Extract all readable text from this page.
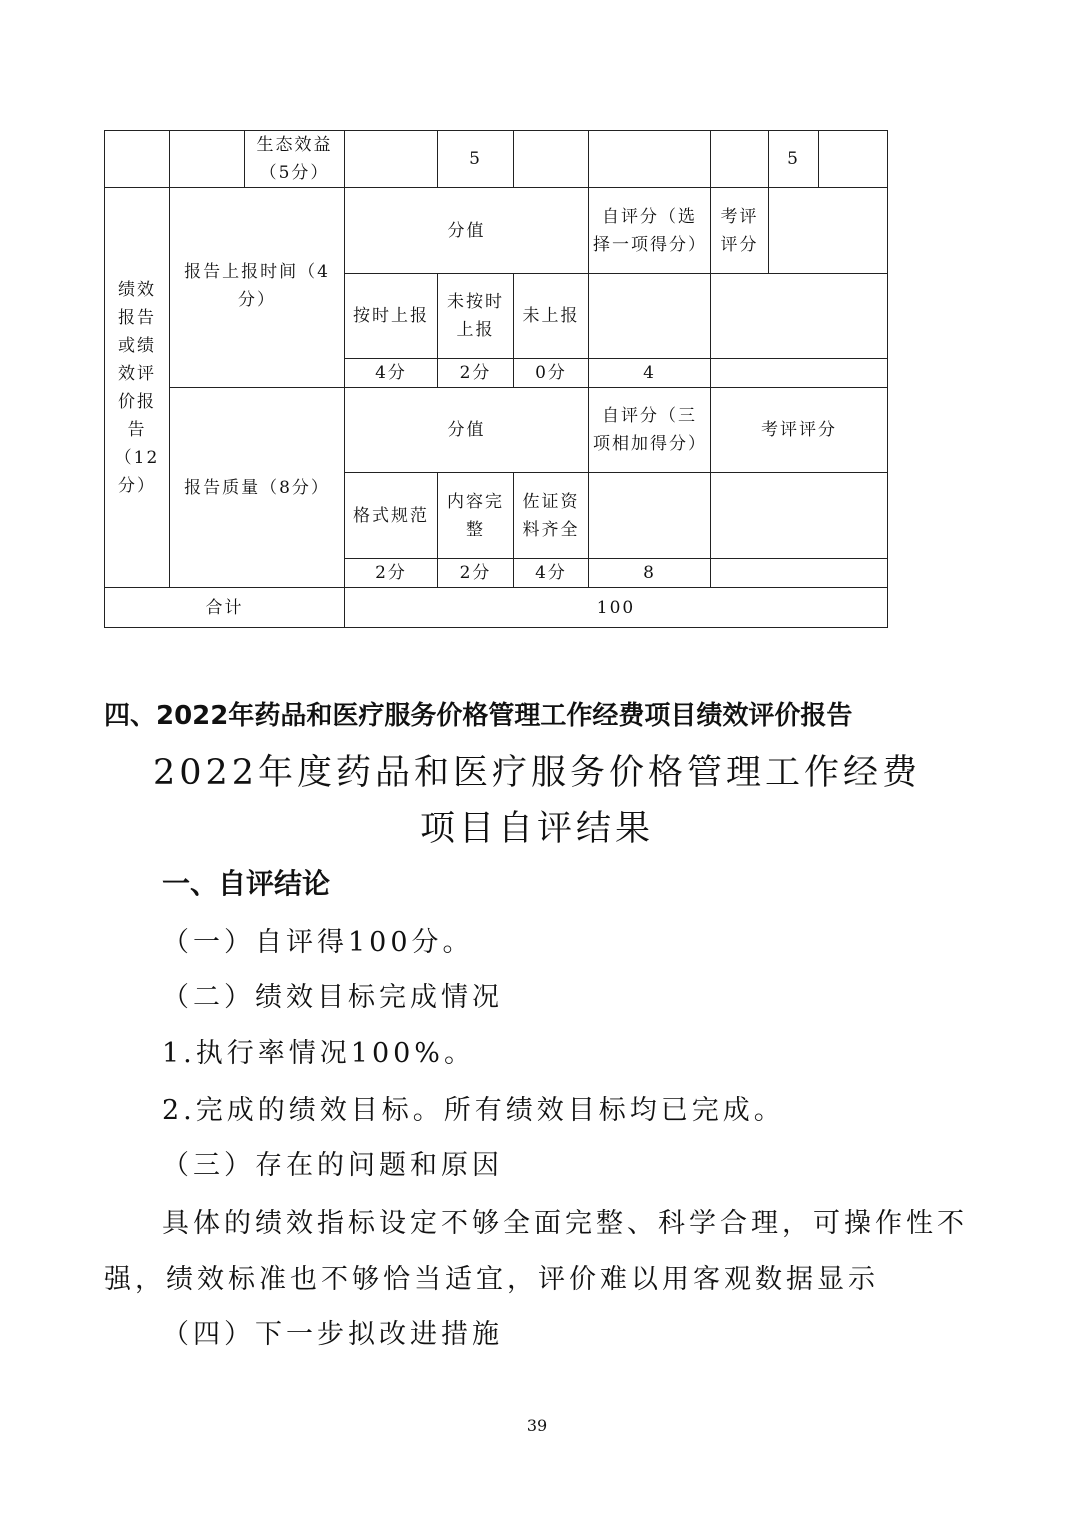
		生态效益（5分）		5				5	
绩效报告或绩效评价报告（12分）	报告上报时间（4分）		分值			自评分（选择一项得分）	考评评分		
			按时上报	未按时上报	未上报				
			4分	2分	0分	4			
	报告质量（8分）		分值			自评分（三项相加得分）	考评评分		
			格式规范	内容完整	佐证资料齐全				
			2分	2分	4分	8			
合计			100						
四、2022年药品和医疗服务价格管理工作经费项目绩效评价报告
2022年度药品和医疗服务价格管理工作经费
项目自评结果
一、自评结论
（一）自评得100分。
（二）绩效目标完成情况
1.执行率情况100%。
2.完成的绩效目标。所有绩效目标均已完成。
（三）存在的问题和原因
具体的绩效指标设定不够全面完整、科学合理，可操作性不
强，绩效标准也不够恰当适宜，评价难以用客观数据显示
（四）下一步拟改进措施
39
